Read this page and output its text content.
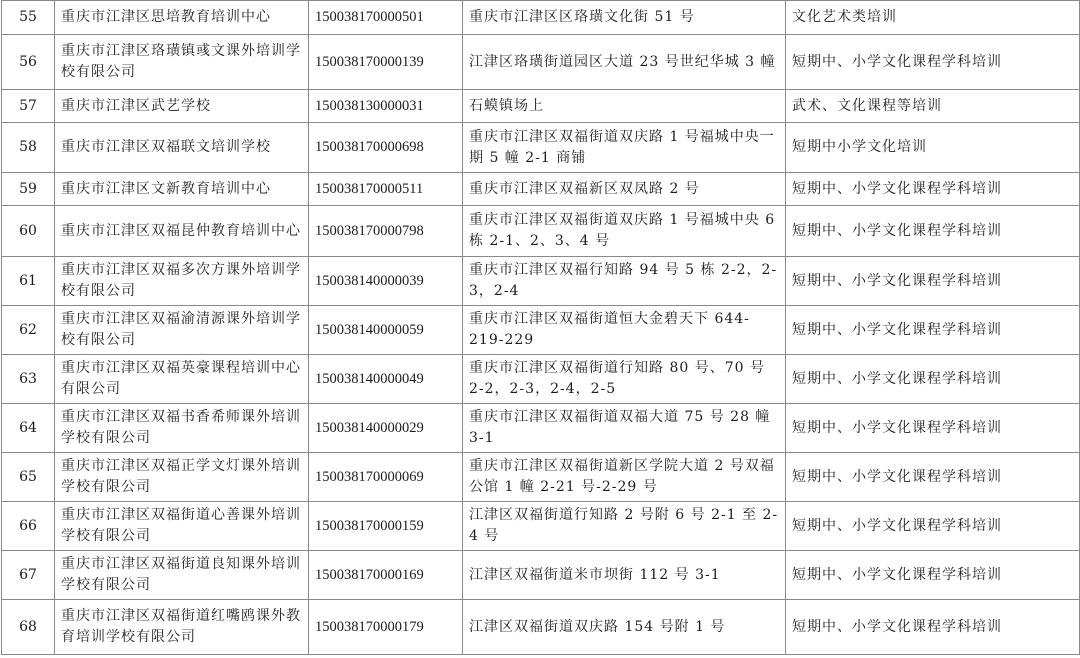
55	重庆市江津区思培教育培训中心	150038170000501	重庆市江津区区珞璜文化街 51 号	文化艺术类培训
56	重庆市江津区珞璜镇彧文课外培训学校有限公司	150038170000139	江津区珞璜街道园区大道 23 号世纪华城 3 幢	短期中、小学文化课程学科培训
57	重庆市江津区武艺学校	150038130000031	石蟆镇场上	武术、文化课程等培训
58	重庆市江津区双福联文培训学校	150038170000698	重庆市江津区双福街道双庆路 1 号福城中央一期 5 幢 2-1 商铺	短期中小学文化培训
59	重庆市江津区文新教育培训中心	150038170000511	重庆市江津区双福新区双凤路 2 号	短期中、小学文化课程学科培训
60	重庆市江津区双福昆仲教育培训中心	150038170000798	重庆市江津区双福街道双庆路 1 号福城中央 6 栋 2-1、2、3、4 号	短期中、小学文化课程学科培训
61	重庆市江津区双福多次方课外培训学校有限公司	150038140000039	重庆市江津区双福行知路 94 号 5 栋 2-2，2-3，2-4	短期中、小学文化课程学科培训
62	重庆市江津区双福渝清源课外培训学校有限公司	150038140000059	重庆市江津区双福街道恒大金碧天下 644-219-229	短期中、小学文化课程学科培训
63	重庆市江津区双福英豪课程培训中心有限公司	150038140000049	重庆市江津区双福街道行知路 80 号、70 号 2-2，2-3，2-4，2-5	短期中、小学文化课程学科培训
64	重庆市江津区双福书香希师课外培训学校有限公司	150038140000029	重庆市江津区双福街道双福大道 75 号 28 幢 3-1	短期中、小学文化课程学科培训
65	重庆市江津区双福正学文灯课外培训学校有限公司	150038170000069	重庆市江津区双福街道新区学院大道 2 号双福公馆 1 幢 2-21 号-2-29 号	短期中、小学文化课程学科培训
66	重庆市江津区双福街道心善课外培训学校有限公司	150038170000159	江津区双福街道行知路 2 号附 6 号 2-1 至 2-4 号	短期中、小学文化课程学科培训
67	重庆市江津区双福街道良知课外培训学校有限公司	150038170000169	江津区双福街道米市坝街 112 号 3-1	短期中、小学文化课程学科培训
68	重庆市江津区双福街道红嘴鸥课外教育培训学校有限公司	150038170000179	江津区双福街道双庆路 154 号附 1 号	短期中、小学文化课程学科培训
